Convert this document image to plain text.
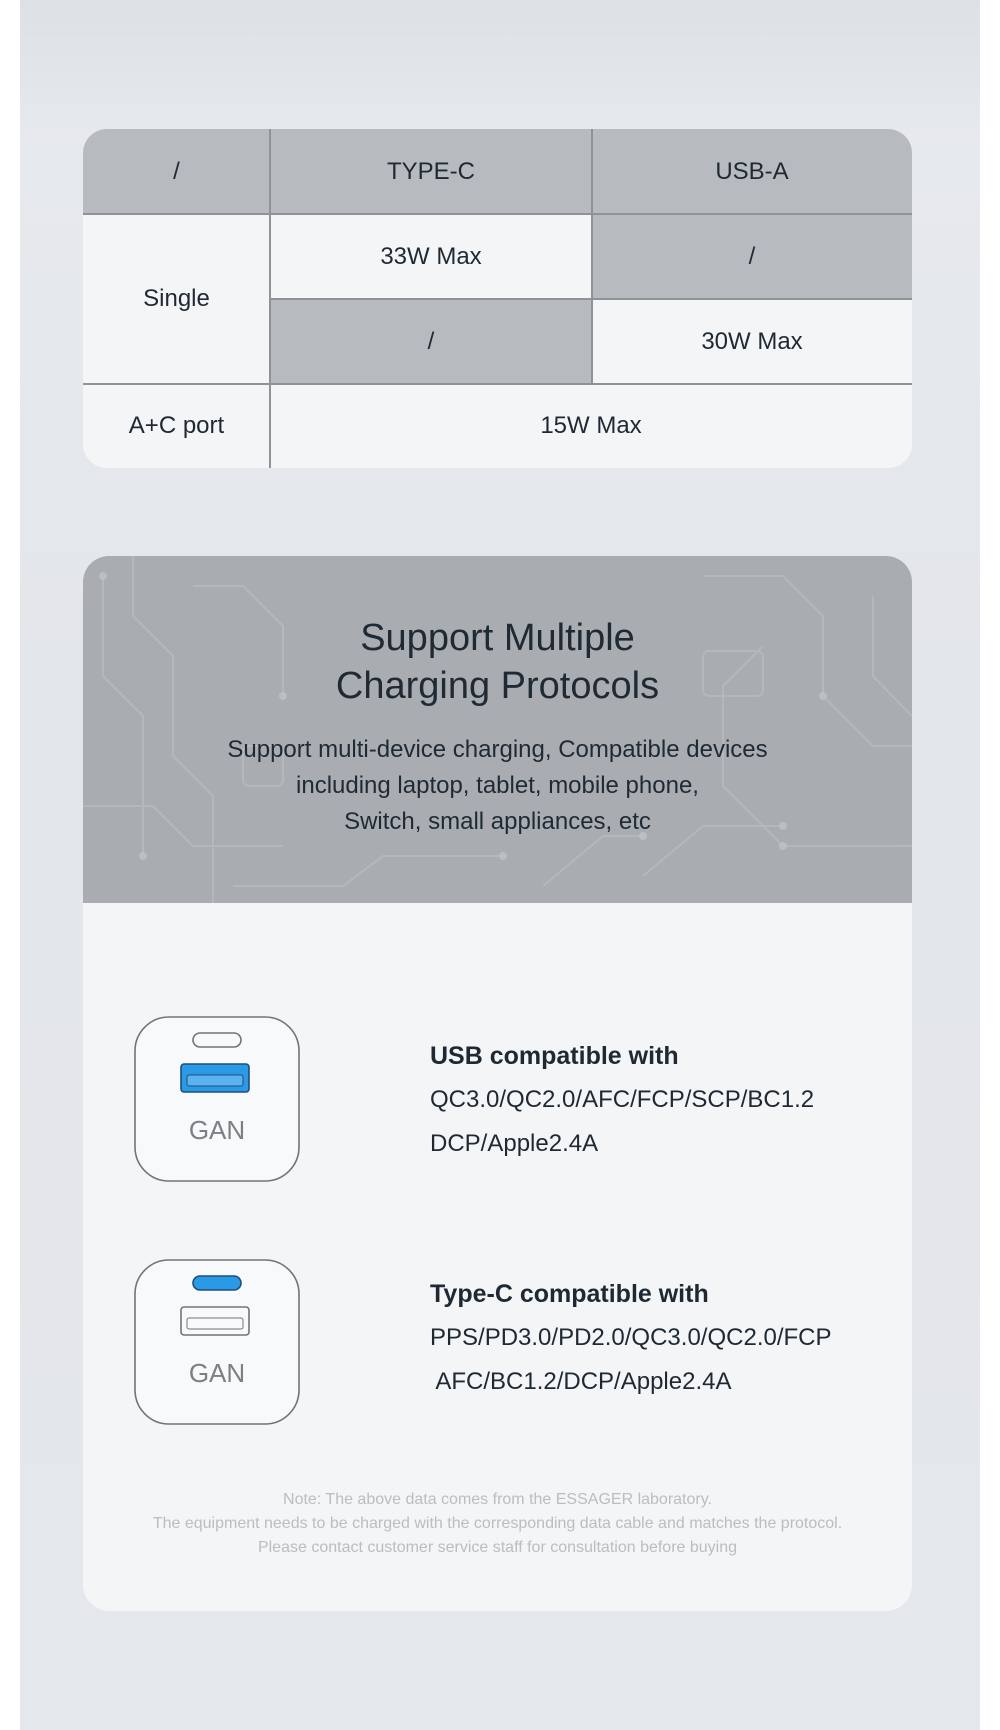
/	TYPE-C	USB-A
Single
33W Max	/
/	30W Max
A+C port	15W Max
Support Multiple
Charging Protocols
Support multi-device charging, Compatible devices
including laptop, tablet, mobile phone,
Switch, small appliances, etc
GAN
USB compatible with
QC3.0/QC2.0/AFC/FCP/SCP/BC1.2
DCP/Apple2.4A
GAN
Type-C compatible with
PPS/PD3.0/PD2.0/QC3.0/QC2.0/FCP
AFC/BC1.2/DCP/Apple2.4A
Note: The above data comes from the ESSAGER laboratory.
The equipment needs to be charged with the corresponding data cable and matches the protocol.
Please contact customer service staff for consultation before buying
